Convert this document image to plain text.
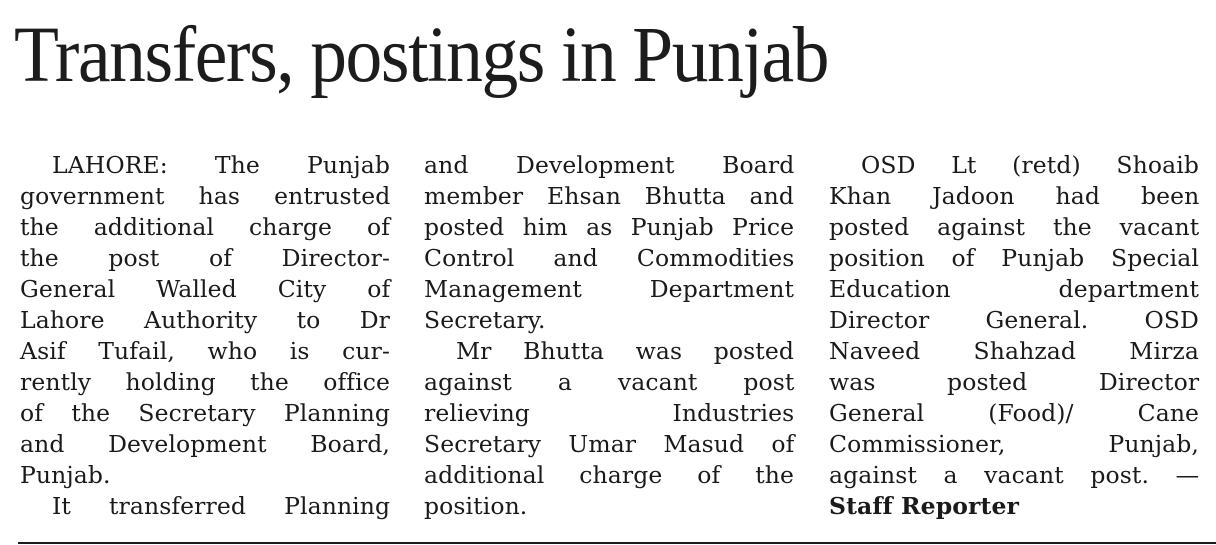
Transfers, postings in Punjab
LAHORE: The Punjab
government has entrusted
the additional charge of
the post of Director-
General Walled City of
Lahore Authority to Dr
Asif Tufail, who is cur-
rently holding the office
of the Secretary Planning
and Development Board,
Punjab.
It transferred Planning
and Development Board
member Ehsan Bhutta and
posted him as Punjab Price
Control and Commodities
Management Department
Secretary.
Mr Bhutta was posted
against a vacant post
relieving Industries
Secretary Umar Masud of
additional charge of the
position.
OSD Lt (retd) Shoaib
Khan Jadoon had been
posted against the vacant
position of Punjab Special
Education department
Director General. OSD
Naveed Shahzad Mirza
was posted Director
General (Food)/ Cane
Commissioner, Punjab,
against a vacant post. —
Staff Reporter
